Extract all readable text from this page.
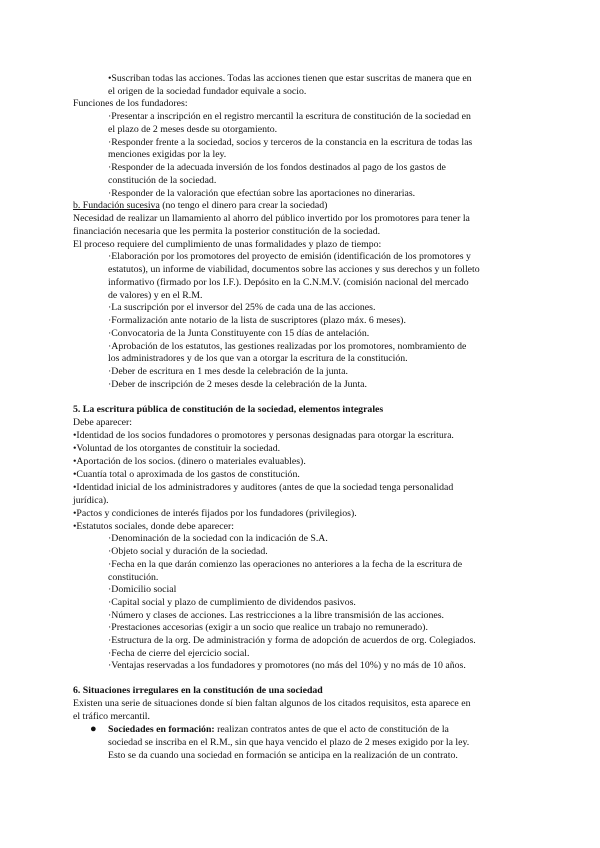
•Suscriban todas las acciones. Todas las acciones tienen que estar suscritas de manera que en
el origen de la sociedad fundador equivale a socio.
Funciones de los fundadores:
·Presentar a inscripción en el registro mercantil la escritura de constitución de la sociedad en
el plazo de 2 meses desde su otorgamiento.
·Responder frente a la sociedad, socios y terceros de la constancia en la escritura de todas las
menciones exigidas por la ley.
·Responder de la adecuada inversión de los fondos destinados al pago de los gastos de
constitución de la sociedad.
·Responder de la valoración que efectúan sobre las aportaciones no dinerarias.
b. Fundación sucesiva (no tengo el dinero para crear la sociedad)
Necesidad de realizar un llamamiento al ahorro del público invertido por los promotores para tener la
financiación necesaria que les permita la posterior constitución de la sociedad.
El proceso requiere del cumplimiento de unas formalidades y plazo de tiempo:
·Elaboración por los promotores del proyecto de emisión (identificación de los promotores y
estatutos), un informe de viabilidad, documentos sobre las acciones y sus derechos y un folleto
informativo (firmado por los I.F.). Depósito en la C.N.M.V. (comisión nacional del mercado
de valores) y en el R.M.
·La suscripción por el inversor del 25% de cada una de las acciones.
·Formalización ante notario de la lista de suscriptores (plazo máx. 6 meses).
·Convocatoria de la Junta Constituyente con 15 días de antelación.
·Aprobación de los estatutos, las gestiones realizadas por los promotores, nombramiento de
los administradores y de los que van a otorgar la escritura de la constitución.
·Deber de escritura en 1 mes desde la celebración de la junta.
·Deber de inscripción de 2 meses desde la celebración de la Junta.
5. La escritura pública de constitución de la sociedad, elementos integrales
Debe aparecer:
•Identidad de los socios fundadores o promotores y personas designadas para otorgar la escritura.
•Voluntad de los otorgantes de constituir la sociedad.
•Aportación de los socios. (dinero o materiales evaluables).
•Cuantía total o aproximada de los gastos de constitución.
•Identidad inicial de los administradores y auditores (antes de que la sociedad tenga personalidad
jurídica).
•Pactos y condiciones de interés fijados por los fundadores (privilegios).
•Estatutos sociales, donde debe aparecer:
·Denominación de la sociedad con la indicación de S.A.
·Objeto social y duración de la sociedad.
·Fecha en la que darán comienzo las operaciones no anteriores a la fecha de la escritura de
constitución.
·Domicilio social
·Capital social y plazo de cumplimiento de dividendos pasivos.
·Número y clases de acciones. Las restricciones a la libre transmisión de las acciones.
·Prestaciones accesorias (exigir a un socio que realice un trabajo no remunerado).
·Estructura de la org. De administración y forma de adopción de acuerdos de org. Colegiados.
·Fecha de cierre del ejercicio social.
·Ventajas reservadas a los fundadores y promotores (no más del 10%) y no más de 10 años.
6. Situaciones irregulares en la constitución de una sociedad
Existen una serie de situaciones donde sí bien faltan algunos de los citados requisitos, esta aparece en
el tráfico mercantil.
● Sociedades en formación: realizan contratos antes de que el acto de constitución de la
sociedad se inscriba en el R.M., sin que haya vencido el plazo de 2 meses exigido por la ley.
Esto se da cuando una sociedad en formación se anticipa en la realización de un contrato.
